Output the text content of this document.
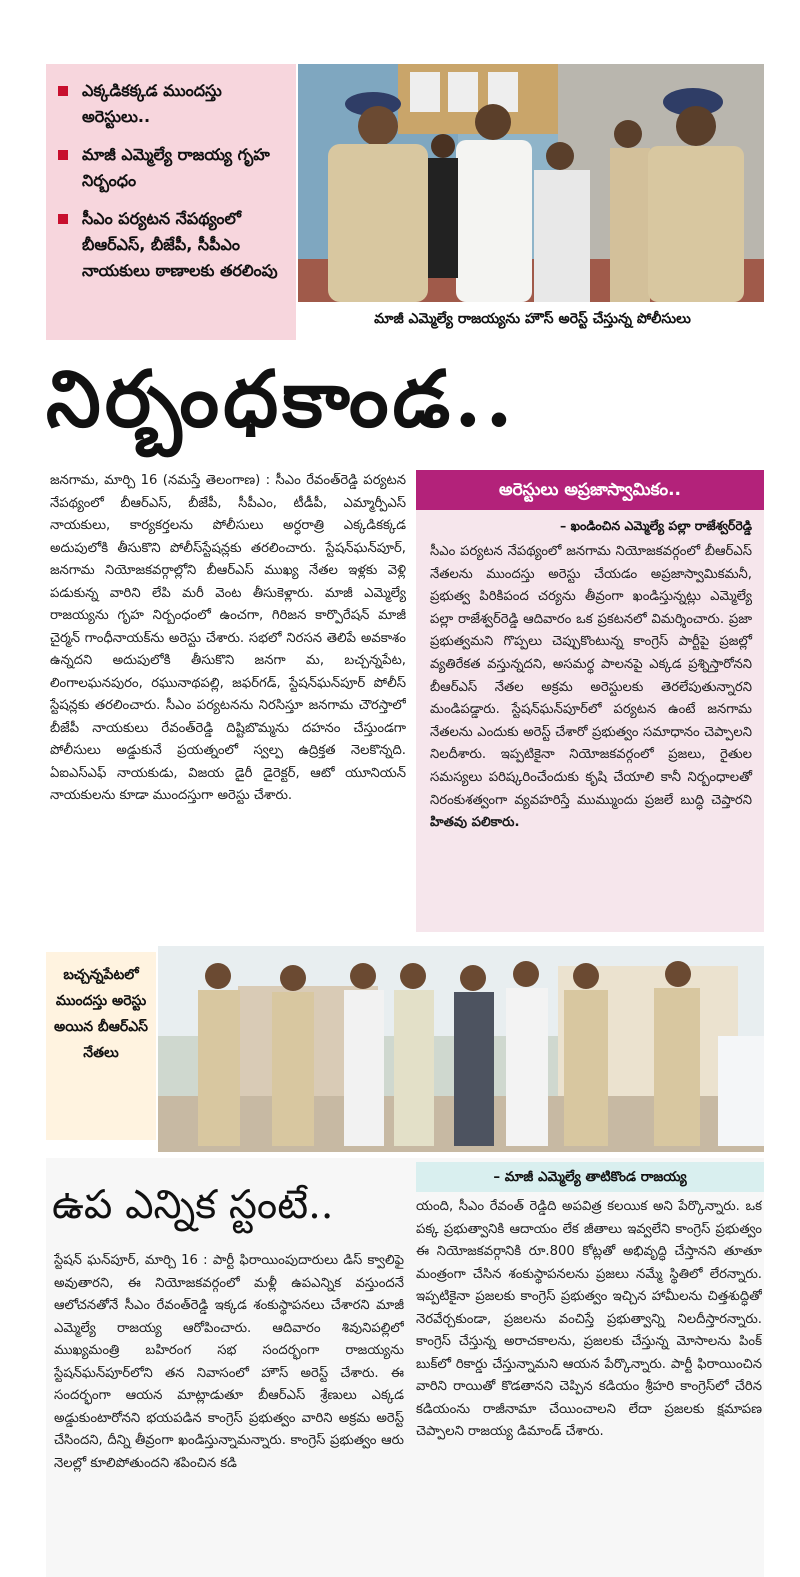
ఎక్కడికక్కడ ముందస్తు అరెస్టులు..
మాజీ ఎమ్మెల్యే రాజయ్య గృహ నిర్బంధం
సీఎం పర్యటన నేపథ్యంలో బీఆర్ఎస్, బీజేపీ, సీపీఎం నాయకులు ఠాణాలకు తరలింపు
మాజీ ఎమ్మెల్యే రాజయ్యను హౌస్ అరెస్ట్ చేస్తున్న పోలీసులు
నిర్బంధకాండ..

జనగామ, మార్చి 16 (నమస్తే తెలంగాణ) : సీఎం రేవంత్‌రెడ్డి పర్యటన నేపథ్యంలో బీఆర్ఎస్, బీజేపీ, సీపీఎం, టీడీపీ, ఎమ్మార్పీఎస్ నాయకులు, కార్యకర్తలను పోలీసులు అర్ధరాత్రి ఎక్కడికక్కడ అదుపులోకి తీసుకొని పోలీస్‌స్టేషన్లకు తరలించారు. స్టేషన్‌ఘన్‌పూర్, జనగామ నియోజకవర్గాల్లోని బీఆర్ఎస్ ముఖ్య నేతల ఇళ్లకు వెళ్లి పడుకున్న వారిని లేపి మరీ వెంట తీసుకెళ్లారు. మాజీ ఎమ్మెల్యే రాజయ్యను గృహ నిర్బంధంలో ఉంచగా, గిరిజన కార్పొరేషన్ మాజీ చైర్మన్ గాంధీనాయక్‌ను అరెస్టు చేశారు. సభలో నిరసన తెలిపే అవకాశం ఉన్నదని అదుపులోకి తీసుకొని జనగా మ, బచ్చన్నపేట, లింగాలఘనపురం, రఘునాథపల్లి, జఫర్‌గడ్, స్టేషన్‌ఘన్‌పూర్ పోలీస్ స్టేషన్లకు తరలించారు. సీఎం పర్యటనను నిరసిస్తూ జనగామ చౌరస్తాలో బీజేపీ నాయకులు రేవంత్‌రెడ్డి దిష్టిబొమ్మను దహనం చేస్తుండగా పోలీసులు అడ్డుకునే ప్రయత్నంలో స్వల్ప ఉద్రిక్తత నెలకొన్నది. ఏఐఎస్ఎఫ్ నాయకుడు, విజయ డైరీ డైరెక్టర్, ఆటో యూనియన్ నాయకులను కూడా ముందస్తుగా అరెస్టు చేశారు.

అరెస్టులు అప్రజాస్వామికం..
– ఖండించిన ఎమ్మెల్యే పల్లా రాజేశ్వర్‌రెడ్డి
సీఎం పర్యటన నేపథ్యంలో జనగామ నియోజకవర్గంలో బీఆర్ఎస్ నేతలను ముందస్తు అరెస్టు చేయడం అప్రజాస్వామికమనీ, ప్రభుత్వ పిరికిపంద చర్యను తీవ్రంగా ఖండిస్తున్నట్లు ఎమ్మెల్యే పల్లా రాజేశ్వర్‌రెడ్డి ఆదివారం ఒక ప్రకటనలో విమర్శించారు. ప్రజా ప్రభుత్వమని గొప్పలు చెప్పుకొంటున్న కాంగ్రెస్ పార్టీపై ప్రజల్లో వ్యతిరేకత వస్తున్నదని, అసమర్థ పాలనపై ఎక్కడ ప్రశ్నిస్తారోనని బీఆర్ఎస్ నేతల అక్రమ అరెస్టులకు తెరలేపుతున్నారని మండిపడ్డారు. స్టేషన్‌ఘన్‌పూర్‌లో పర్యటన ఉంటే జనగామ నేతలను ఎందుకు అరెస్ట్ చేశారో ప్రభుత్వం సమాధానం చెప్పాలని నిలదీశారు. ఇప్పటికైనా నియోజకవర్గంలో ప్రజలు, రైతుల సమస్యలు పరిష్కరించేందుకు కృషి చేయాలి కానీ నిర్బంధాలతో నిరంకుశత్వంగా వ్యవహరిస్తే ముమ్ముందు ప్రజలే బుద్ధి చెప్తారని హితవు పలికారు.
బచ్చన్నపేటలో ముందస్తు అరెస్టు అయిన బీఆర్ఎస్ నేతలు
ఉప ఎన్నిక స్టంటే..
– మాజీ ఎమ్మెల్యే తాటికొండ రాజయ్య

స్టేషన్ ఘన్‌పూర్, మార్చి 16 : పార్టీ ఫిరాయింపుదారులు డిస్ క్వాలిఫై అవుతారని, ఈ నియోజకవర్గంలో మళ్లీ ఉపఎన్నిక వస్తుందనే ఆలోచనతోనే సీఎం రేవంత్‌రెడ్డి ఇక్కడ శంకుస్థాపనలు చేశారని మాజీ ఎమ్మెల్యే రాజయ్య ఆరోపించారు. ఆదివారం శివునిపల్లిలో ముఖ్యమంత్రి బహిరంగ సభ సందర్భంగా రాజయ్యను స్టేషన్‌ఘన్‌పూర్‌లోని తన నివాసంలో హౌస్ అరెస్ట్ చేశారు. ఈ సందర్భంగా ఆయన మాట్లాడుతూ బీఆర్ఎస్ శ్రేణులు ఎక్కడ అడ్డుకుంటారోనని భయపడిన కాంగ్రెస్ ప్రభుత్వం వారిని అక్రమ అరెస్ట్ చేసిందని, దీన్ని తీవ్రంగా ఖండిస్తున్నామన్నారు. కాంగ్రెస్ ప్రభుత్వం ఆరు నెలల్లో కూలిపోతుందని శపించిన కడి

యంది, సీఎం రేవంత్ రెడ్డిది అపవిత్ర కలయిక అని పేర్కొన్నారు. ఒక పక్క ప్రభుత్వానికి ఆదాయం లేక జీతాలు ఇవ్వలేని కాంగ్రెస్ ప్రభుత్వం ఈ నియోజకవర్గానికి రూ.800 కోట్లతో అభివృద్ధి చేస్తానని తూతూ మంత్రంగా చేసిన శంకుస్థాపనలను ప్రజలు నమ్మే స్థితిలో లేరన్నారు. ఇప్పటికైనా ప్రజలకు కాంగ్రెస్ ప్రభుత్వం ఇచ్చిన హామీలను చిత్తశుద్ధితో నెరవేర్చకుండా, ప్రజలను వంచిస్తే ప్రభుత్వాన్ని నిలదీస్తారన్నారు. కాంగ్రెస్ చేస్తున్న అరాచకాలను, ప్రజలకు చేస్తున్న మోసాలను పింక్ బుక్‌లో రికార్డు చేస్తున్నామని ఆయన పేర్కొన్నారు. పార్టీ ఫిరాయించిన వారిని రాయితో కొడతానని చెప్పిన కడియం శ్రీహరి కాంగ్రెస్‌లో చేరిన కడియంను రాజీనామా చేయించాలని లేదా ప్రజలకు క్షమాపణ చెప్పాలని రాజయ్య డిమాండ్ చేశారు.
